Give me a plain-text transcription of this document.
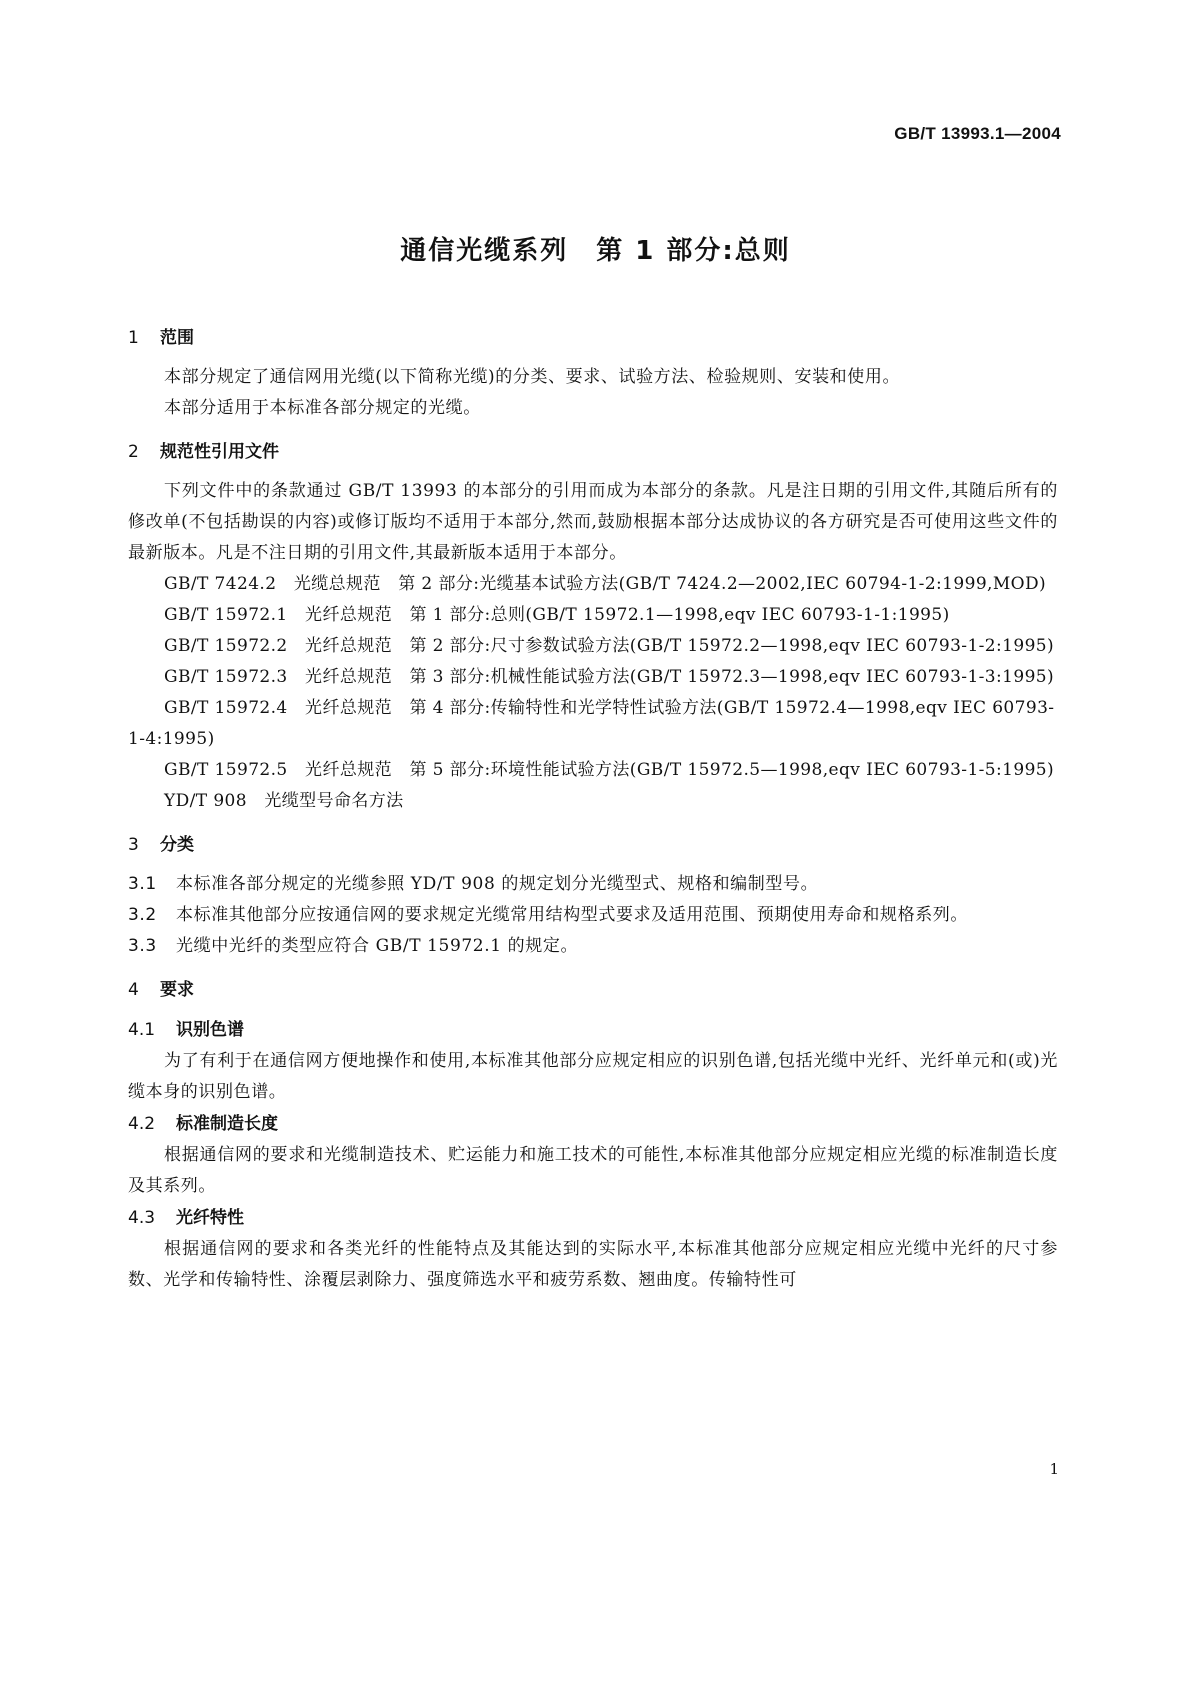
GB/T 13993.1—2004
通信光缆系列　第 1 部分:总则
1 范围

本部分规定了通信网用光缆(以下简称光缆)的分类、要求、试验方法、检验规则、安装和使用。

本部分适用于本标准各部分规定的光缆。

2 规范性引用文件

下列文件中的条款通过 GB/T 13993 的本部分的引用而成为本部分的条款。凡是注日期的引用文件,其随后所有的修改单(不包括勘误的内容)或修订版均不适用于本部分,然而,鼓励根据本部分达成协议的各方研究是否可使用这些文件的最新版本。凡是不注日期的引用文件,其最新版本适用于本部分。

GB/T 7424.2　光缆总规范　第 2 部分:光缆基本试验方法(GB/T 7424.2—2002,IEC 60794-1-2:1999,MOD)

GB/T 15972.1　光纤总规范　第 1 部分:总则(GB/T 15972.1—1998,eqv IEC 60793-1-1:1995)

GB/T 15972.2　光纤总规范　第 2 部分:尺寸参数试验方法(GB/T 15972.2—1998,eqv IEC 60793-1-2:1995)

GB/T 15972.3　光纤总规范　第 3 部分:机械性能试验方法(GB/T 15972.3—1998,eqv IEC 60793-1-3:1995)

GB/T 15972.4　光纤总规范　第 4 部分:传输特性和光学特性试验方法(GB/T 15972.4—1998,eqv IEC 60793-1-4:1995)

GB/T 15972.5　光纤总规范　第 5 部分:环境性能试验方法(GB/T 15972.5—1998,eqv IEC 60793-1-5:1995)

YD/T 908　光缆型号命名方法

3 分类

3.1 本标准各部分规定的光缆参照 YD/T 908 的规定划分光缆型式、规格和编制型号。

3.2 本标准其他部分应按通信网的要求规定光缆常用结构型式要求及适用范围、预期使用寿命和规格系列。

3.3 光缆中光纤的类型应符合 GB/T 15972.1 的规定。

4 要求
4.1 识别色谱

为了有利于在通信网方便地操作和使用,本标准其他部分应规定相应的识别色谱,包括光缆中光纤、光纤单元和(或)光缆本身的识别色谱。

4.2 标准制造长度

根据通信网的要求和光缆制造技术、贮运能力和施工技术的可能性,本标准其他部分应规定相应光缆的标准制造长度及其系列。

4.3 光纤特性

根据通信网的要求和各类光纤的性能特点及其能达到的实际水平,本标准其他部分应规定相应光缆中光纤的尺寸参数、光学和传输特性、涂覆层剥除力、强度筛选水平和疲劳系数、翘曲度。传输特性可

1
